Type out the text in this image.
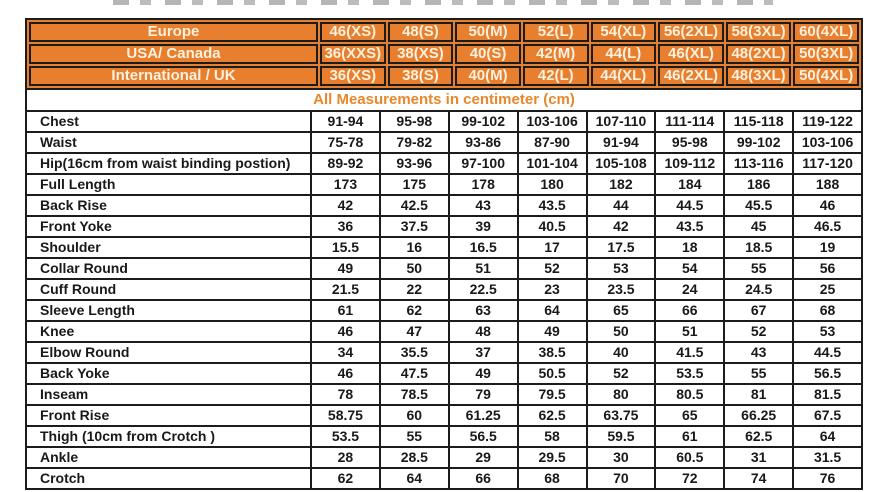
Europe	46(XS)	48(S)	50(M)	52(L)	54(XL)	56(2XL)	58(3XL)	60(4XL)
USA/ Canada	36(XXS)	38(XS)	40(S)	42(M)	44(L)	46(XL)	48(2XL)	50(3XL)
International / UK	36(XS)	38(S)	40(M)	42(L)	44(XL)	46(2XL)	48(3XL)	50(4XL)
All Measurements in centimeter (cm)
Chest	91-94	95-98	99-102	103-106	107-110	111-114	115-118	119-122
Waist	75-78	79-82	93-86	87-90	91-94	95-98	99-102	103-106
Hip(16cm from waist binding postion)	89-92	93-96	97-100	101-104	105-108	109-112	113-116	117-120
Full Length	173	175	178	180	182	184	186	188
Back Rise	42	42.5	43	43.5	44	44.5	45.5	46
Front Yoke	36	37.5	39	40.5	42	43.5	45	46.5
Shoulder	15.5	16	16.5	17	17.5	18	18.5	19
Collar Round	49	50	51	52	53	54	55	56
Cuff Round	21.5	22	22.5	23	23.5	24	24.5	25
Sleeve Length	61	62	63	64	65	66	67	68
Knee	46	47	48	49	50	51	52	53
Elbow Round	34	35.5	37	38.5	40	41.5	43	44.5
Back Yoke	46	47.5	49	50.5	52	53.5	55	56.5
Inseam	78	78.5	79	79.5	80	80.5	81	81.5
Front Rise	58.75	60	61.25	62.5	63.75	65	66.25	67.5
Thigh (10cm from Crotch )	53.5	55	56.5	58	59.5	61	62.5	64
Ankle	28	28.5	29	29.5	30	60.5	31	31.5
Crotch	62	64	66	68	70	72	74	76
